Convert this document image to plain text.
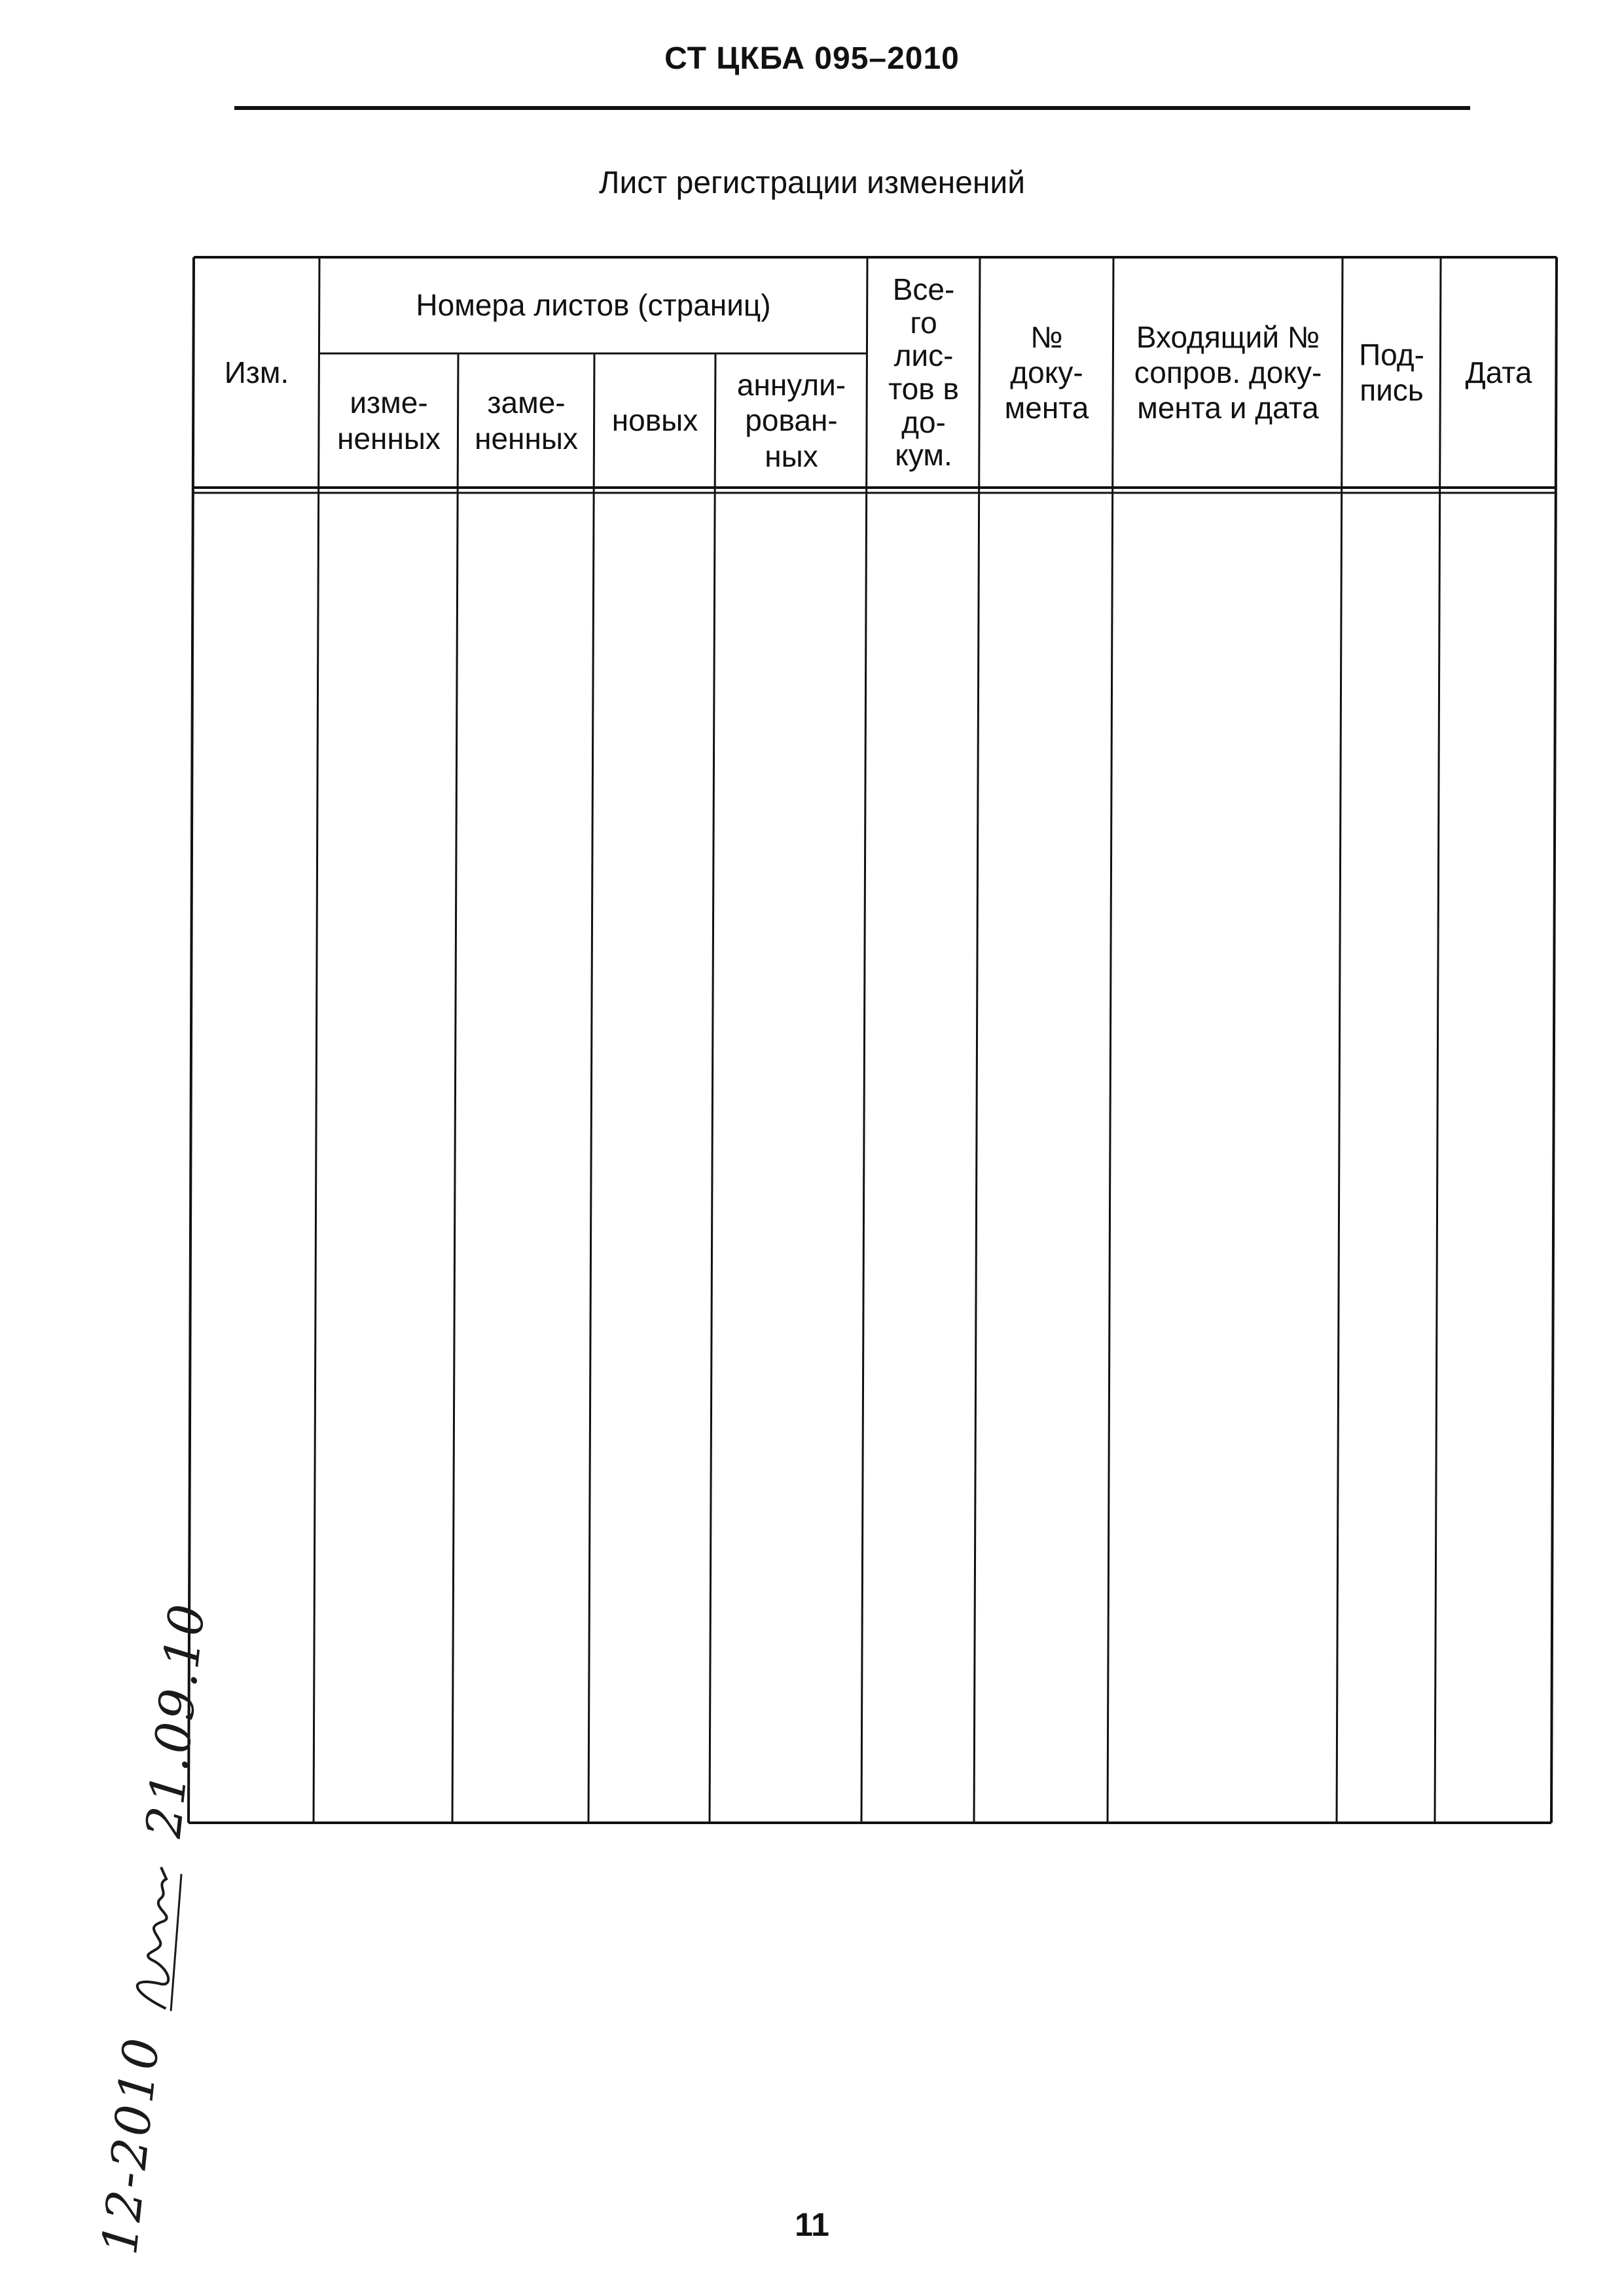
СТ ЦКБА 095–2010
Лист регистрации изменений
Изм.
Номера листов (страниц)
изме-
ненных
заме-
ненных
новых
аннули-
рован-
ных
Все-
го
лис-
тов в
до-
кум.
№
доку-
мента
Входящий №
сопров. доку-
мента и дата
Под-
пись
Дата
12-2010  21.09.10
11
